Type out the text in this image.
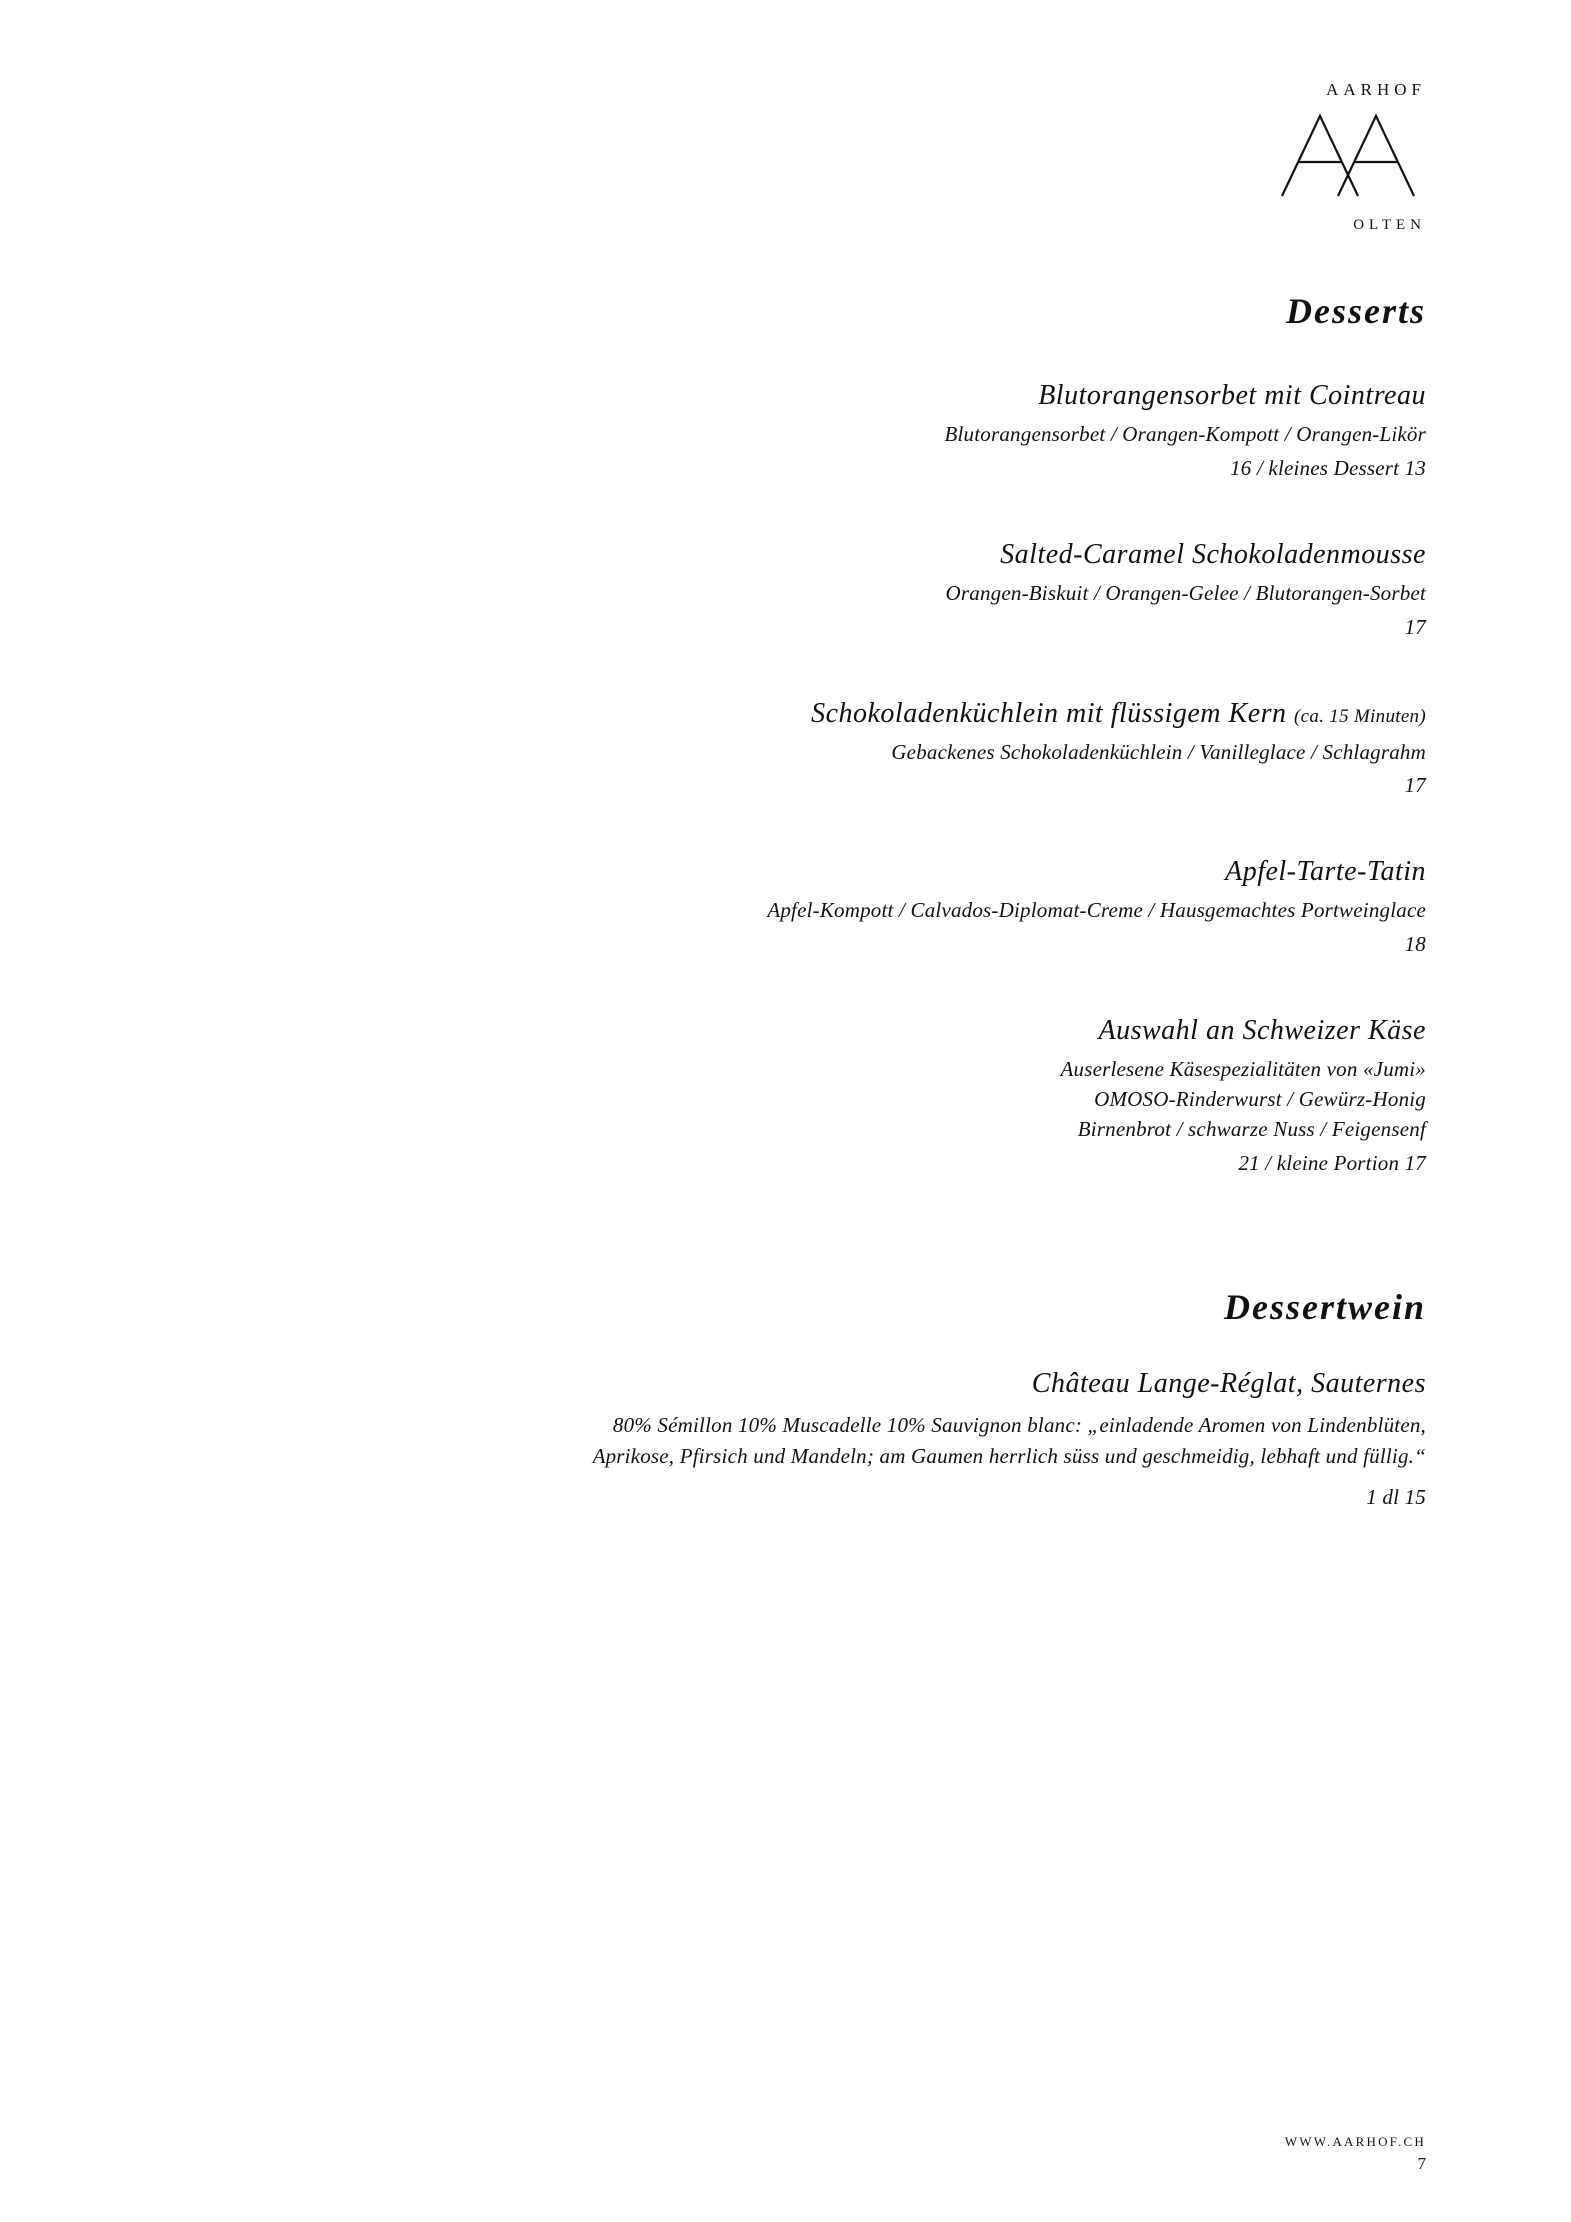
AARHOF
OLTEN
Desserts
Blutorangensorbet mit Cointreau
Blutorangensorbet / Orangen-Kompott / Orangen-Likör
16 / kleines Dessert 13
Salted-Caramel Schokoladenmousse
Orangen-Biskuit / Orangen-Gelee / Blutorangen-Sorbet
17
Schokoladenküchlein mit flüssigem Kern (ca. 15 Minuten)
Gebackenes Schokoladenküchlein / Vanilleglace / Schlagrahm
17
Apfel-Tarte-Tatin
Apfel-Kompott / Calvados-Diplomat-Creme / Hausgemachtes Portweinglace
18
Auswahl an Schweizer Käse
Auserlesene Käsespezialitäten von «Jumi»
OMOSO-Rinderwurst / Gewürz-Honig
Birnenbrot / schwarze Nuss / Feigensenf
21 / kleine Portion 17
Dessertwein
Château Lange-Réglat, Sauternes
80% Sémillon 10% Muscadelle 10% Sauvignon blanc: „einladende Aromen von Lindenblüten,
Aprikose, Pfirsich und Mandeln; am Gaumen herrlich süss und geschmeidig, lebhaft und füllig.“
1 dl 15
WWW.AARHOF.CH
7
